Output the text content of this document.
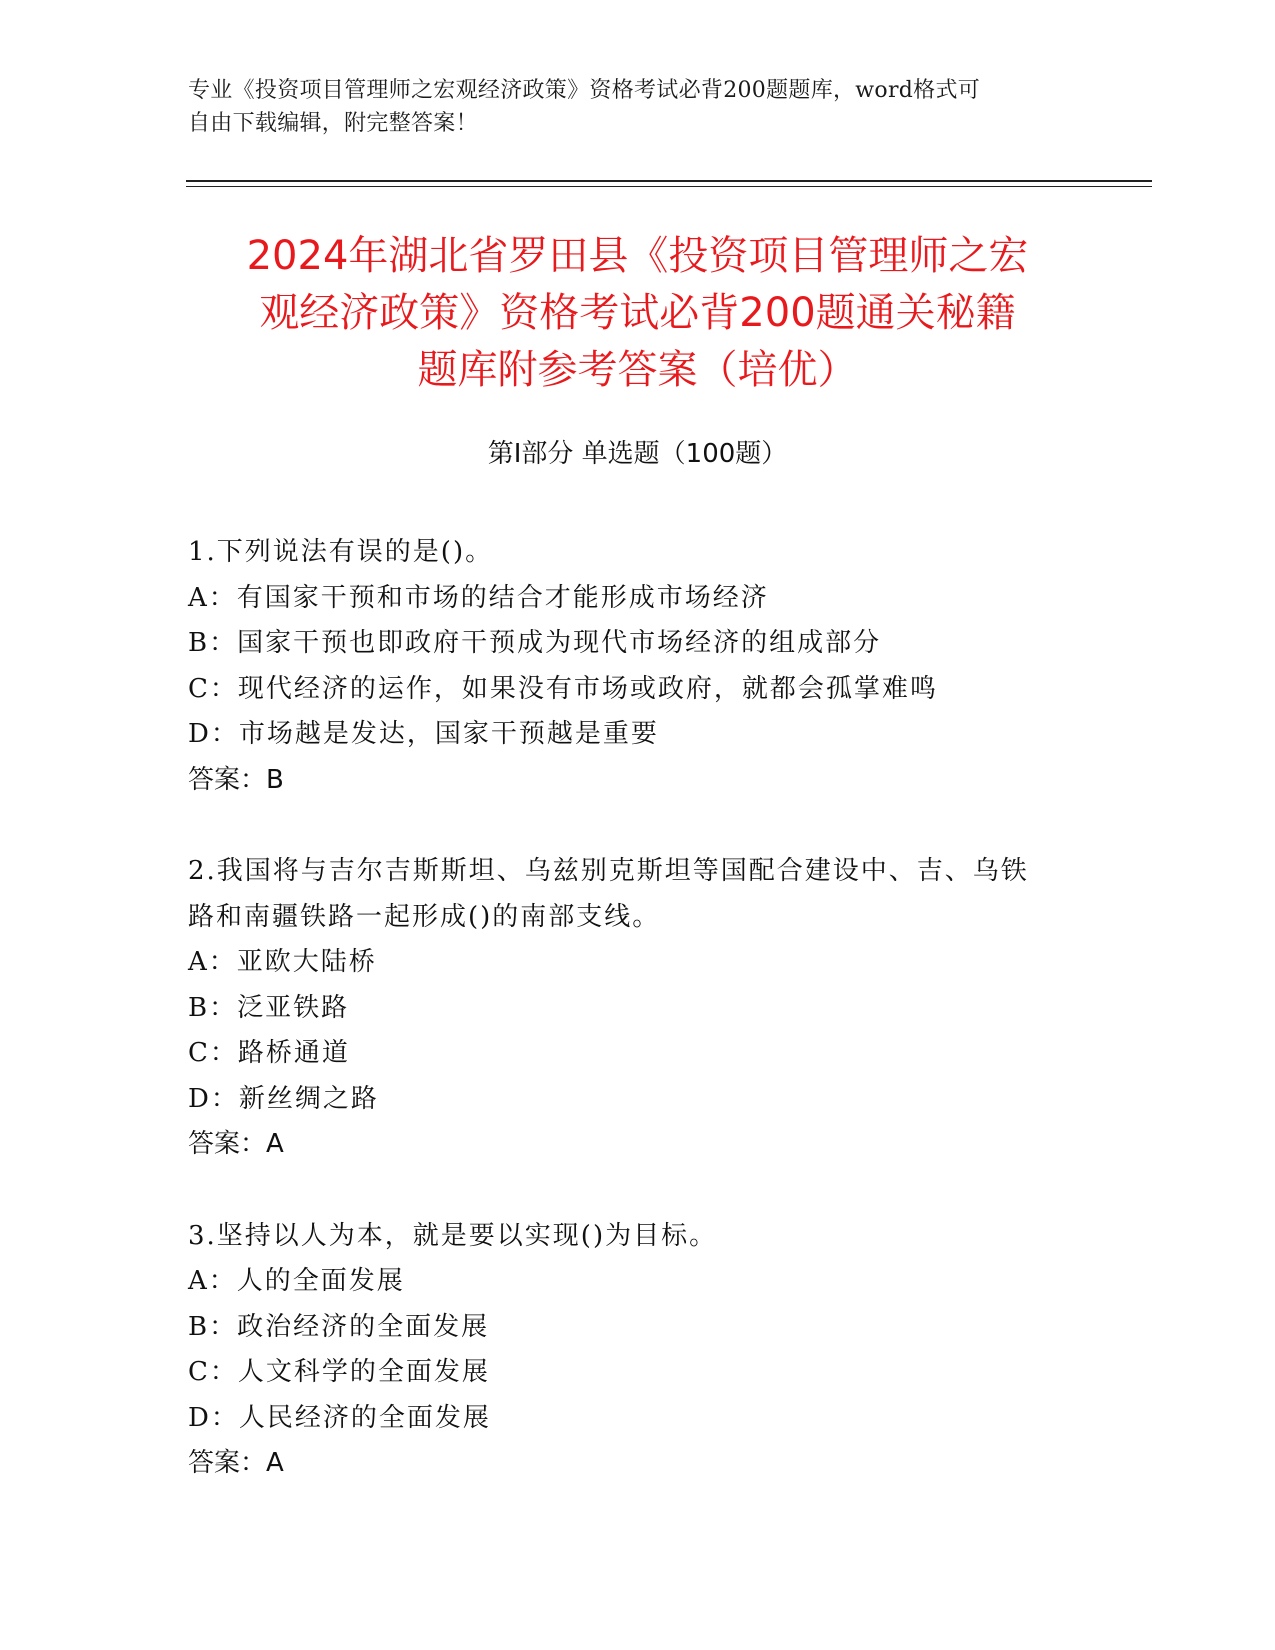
专业《投资项目管理师之宏观经济政策》资格考试必背200题题库，word格式可
自由下载编辑，附完整答案！
2024年湖北省罗田县《投资项目管理师之宏
观经济政策》资格考试必背200题通关秘籍
题库附参考答案（培优）
第Ⅰ部分 单选题（100题）

1.下列说法有误的是()。

A：有国家干预和市场的结合才能形成市场经济

B：国家干预也即政府干预成为现代市场经济的组成部分

C：现代经济的运作，如果没有市场或政府，就都会孤掌难鸣

D：市场越是发达，国家干预越是重要

答案：B

2.我国将与吉尔吉斯斯坦、乌兹别克斯坦等国配合建设中、吉、乌铁

路和南疆铁路一起形成()的南部支线。

A：亚欧大陆桥

B：泛亚铁路

C：路桥通道

D：新丝绸之路

答案：A

3.坚持以人为本，就是要以实现()为目标。

A：人的全面发展

B：政治经济的全面发展

C：人文科学的全面发展

D：人民经济的全面发展

答案：A
